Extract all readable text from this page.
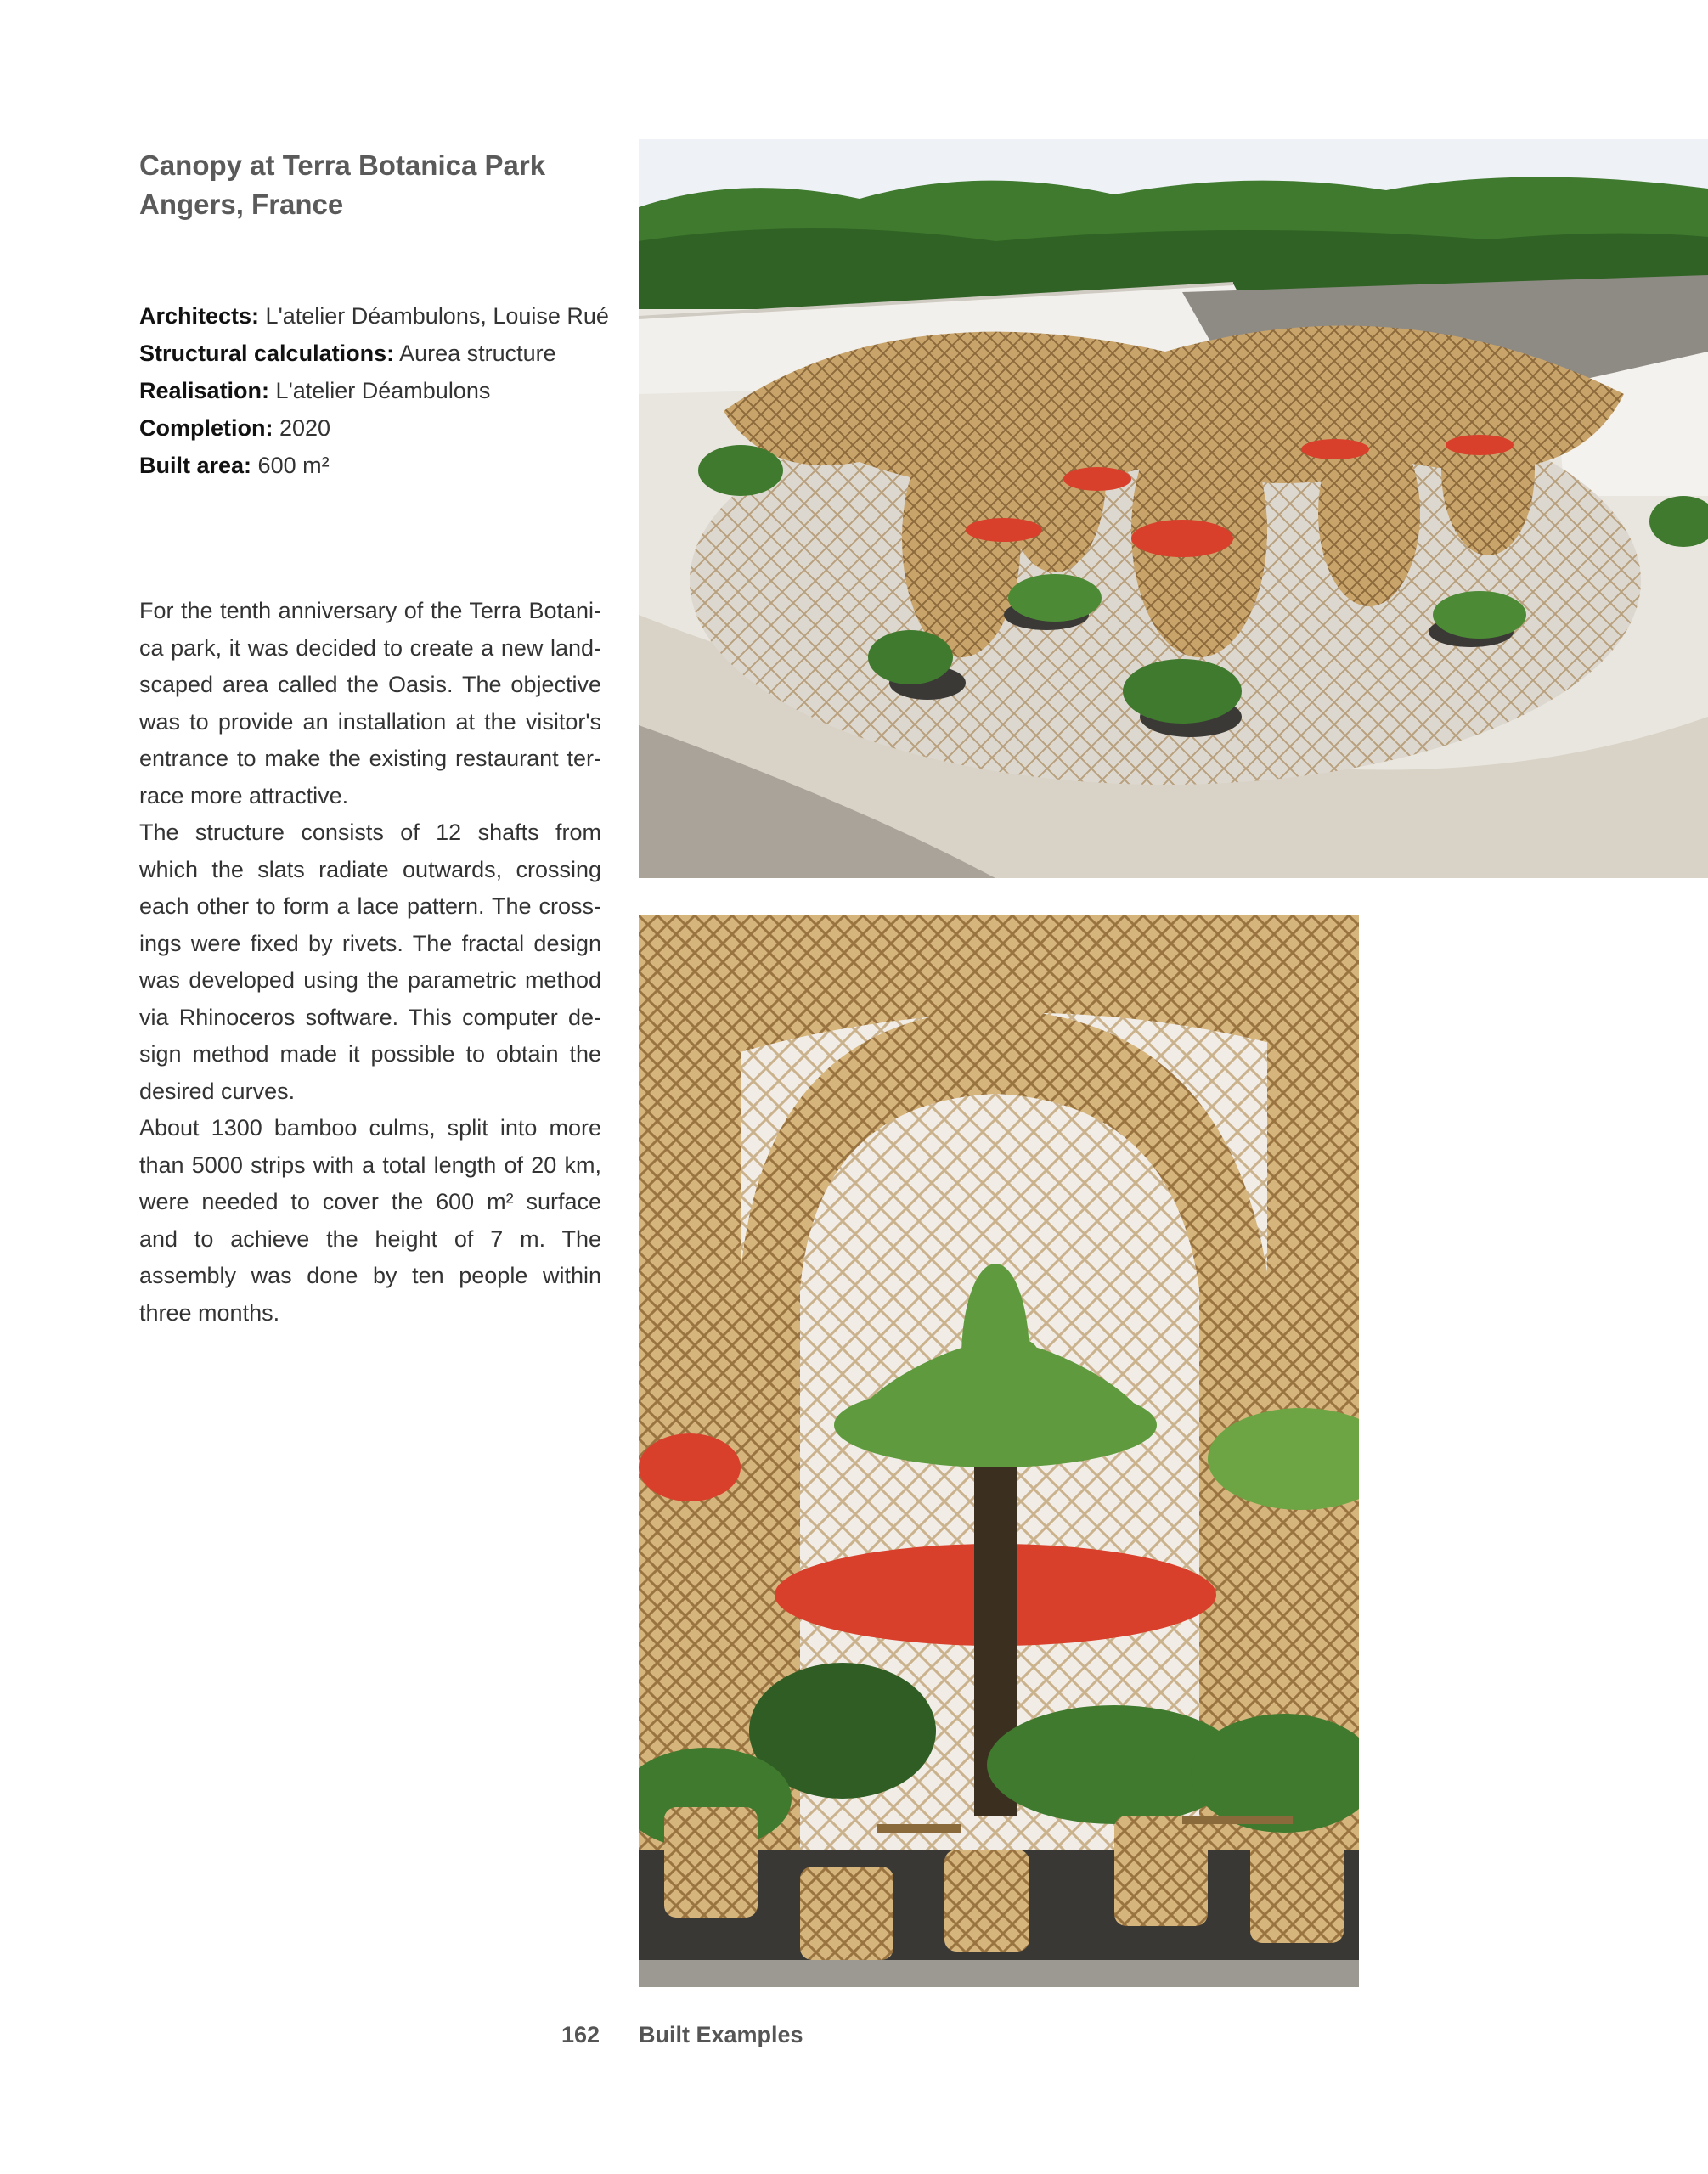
Canopy at Terra Botanica Park
Angers, France

Architects: L'atelier Déambulons, Louise Rué

Structural calculations: Aurea structure

Realisation: L'atelier Déambulons

Completion: 2020

Built area: 600 m²

For the tenth anniversary of the Terra Botanica park, it was decided to create a new landscaped area called the Oasis. The objective was to provide an installation at the visitor's entrance to make the existing restaurant terrace more attractive.

The structure consists of 12 shafts from which the slats radiate outwards, crossing each other to form a lace pattern. The crossings were fixed by rivets. The fractal design was developed using the parametric method via Rhinoceros software. This computer design method made it possible to obtain the desired curves.

About 1300 bamboo culms, split into more than 5000 strips with a total length of 20 km, were needed to cover the 600 m² surface and to achieve the height of 7 m. The assembly was done by ten people within three months.

162 Built Examples
